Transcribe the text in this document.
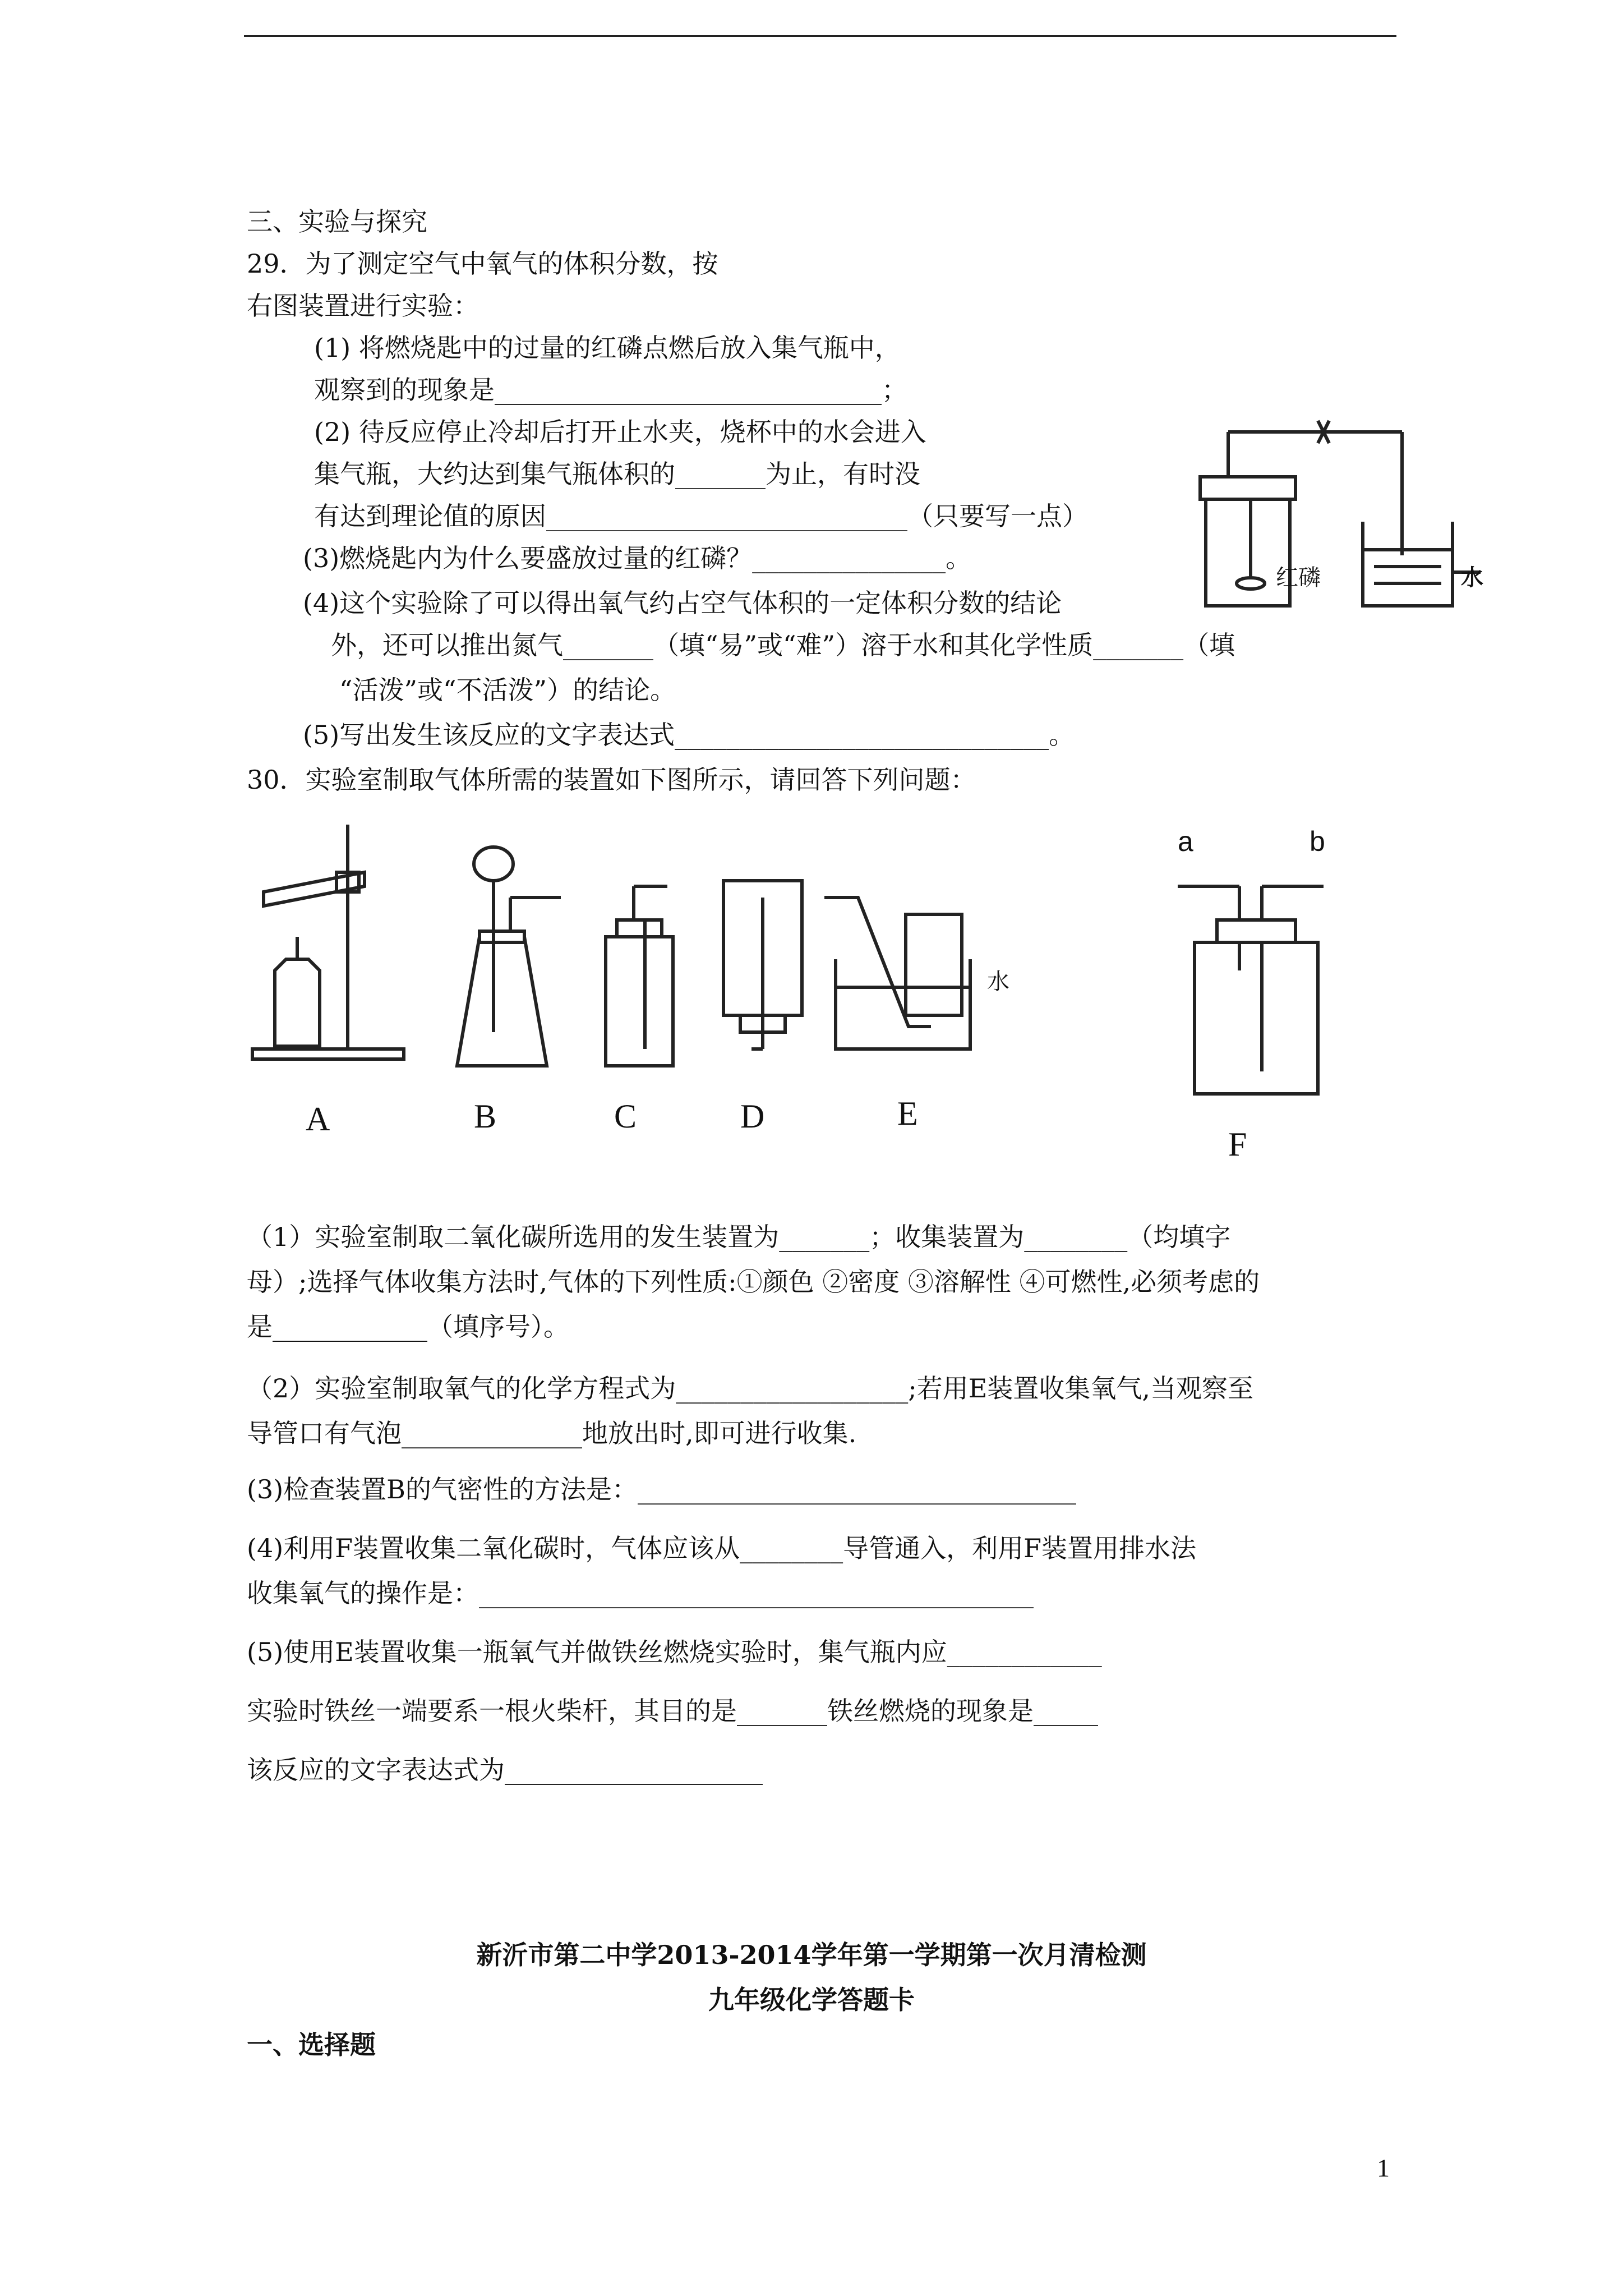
三、实验与探究
29．为了测定空气中氧气的体积分数，按
右图装置进行实验：
(1) 将燃烧匙中的过量的红磷点燃后放入集气瓶中，
观察到的现象是______________________________；
(2) 待反应停止冷却后打开止水夹，烧杯中的水会进入
集气瓶，大约达到集气瓶体积的_______为止，有时没
有达到理论值的原因____________________________（只要写一点）
(3)燃烧匙内为什么要盛放过量的红磷？_______________。
(4)这个实验除了可以得出氧气约占空气体积的一定体积分数的结论
外，还可以推出氮气_______（填“易”或“难”）溶于水和其化学性质_______（填
“活泼”或“不活泼”）的结论。
(5)写出发生该反应的文字表达式_____________________________。
红磷	水
30．实验室制取气体所需的装置如下图所示，请回答下列问题：
水
A	B	C	D	E
F
a	b
（1）实验室制取二氧化碳所选用的发生装置为_______；收集装置为________（均填字
母）;选择气体收集方法时,气体的下列性质:①颜色 ②密度 ③溶解性 ④可燃性,必须考虑的
是____________（填序号）。
（2）实验室制取氧气的化学方程式为__________________;若用E装置收集氧气,当观察至
导管口有气泡______________地放出时,即可进行收集.
(3)检查装置B的气密性的方法是：__________________________________
(4)利用F装置收集二氧化碳时，气体应该从________导管通入，利用F装置用排水法
收集氧气的操作是：___________________________________________
(5)使用E装置收集一瓶氧气并做铁丝燃烧实验时，集气瓶内应____________
实验时铁丝一端要系一根火柴杆，其目的是_______铁丝燃烧的现象是_____
该反应的文字表达式为____________________
新沂市第二中学2013-2014学年第一学期第一次月清检测
九年级化学答题卡
一、选择题
1
